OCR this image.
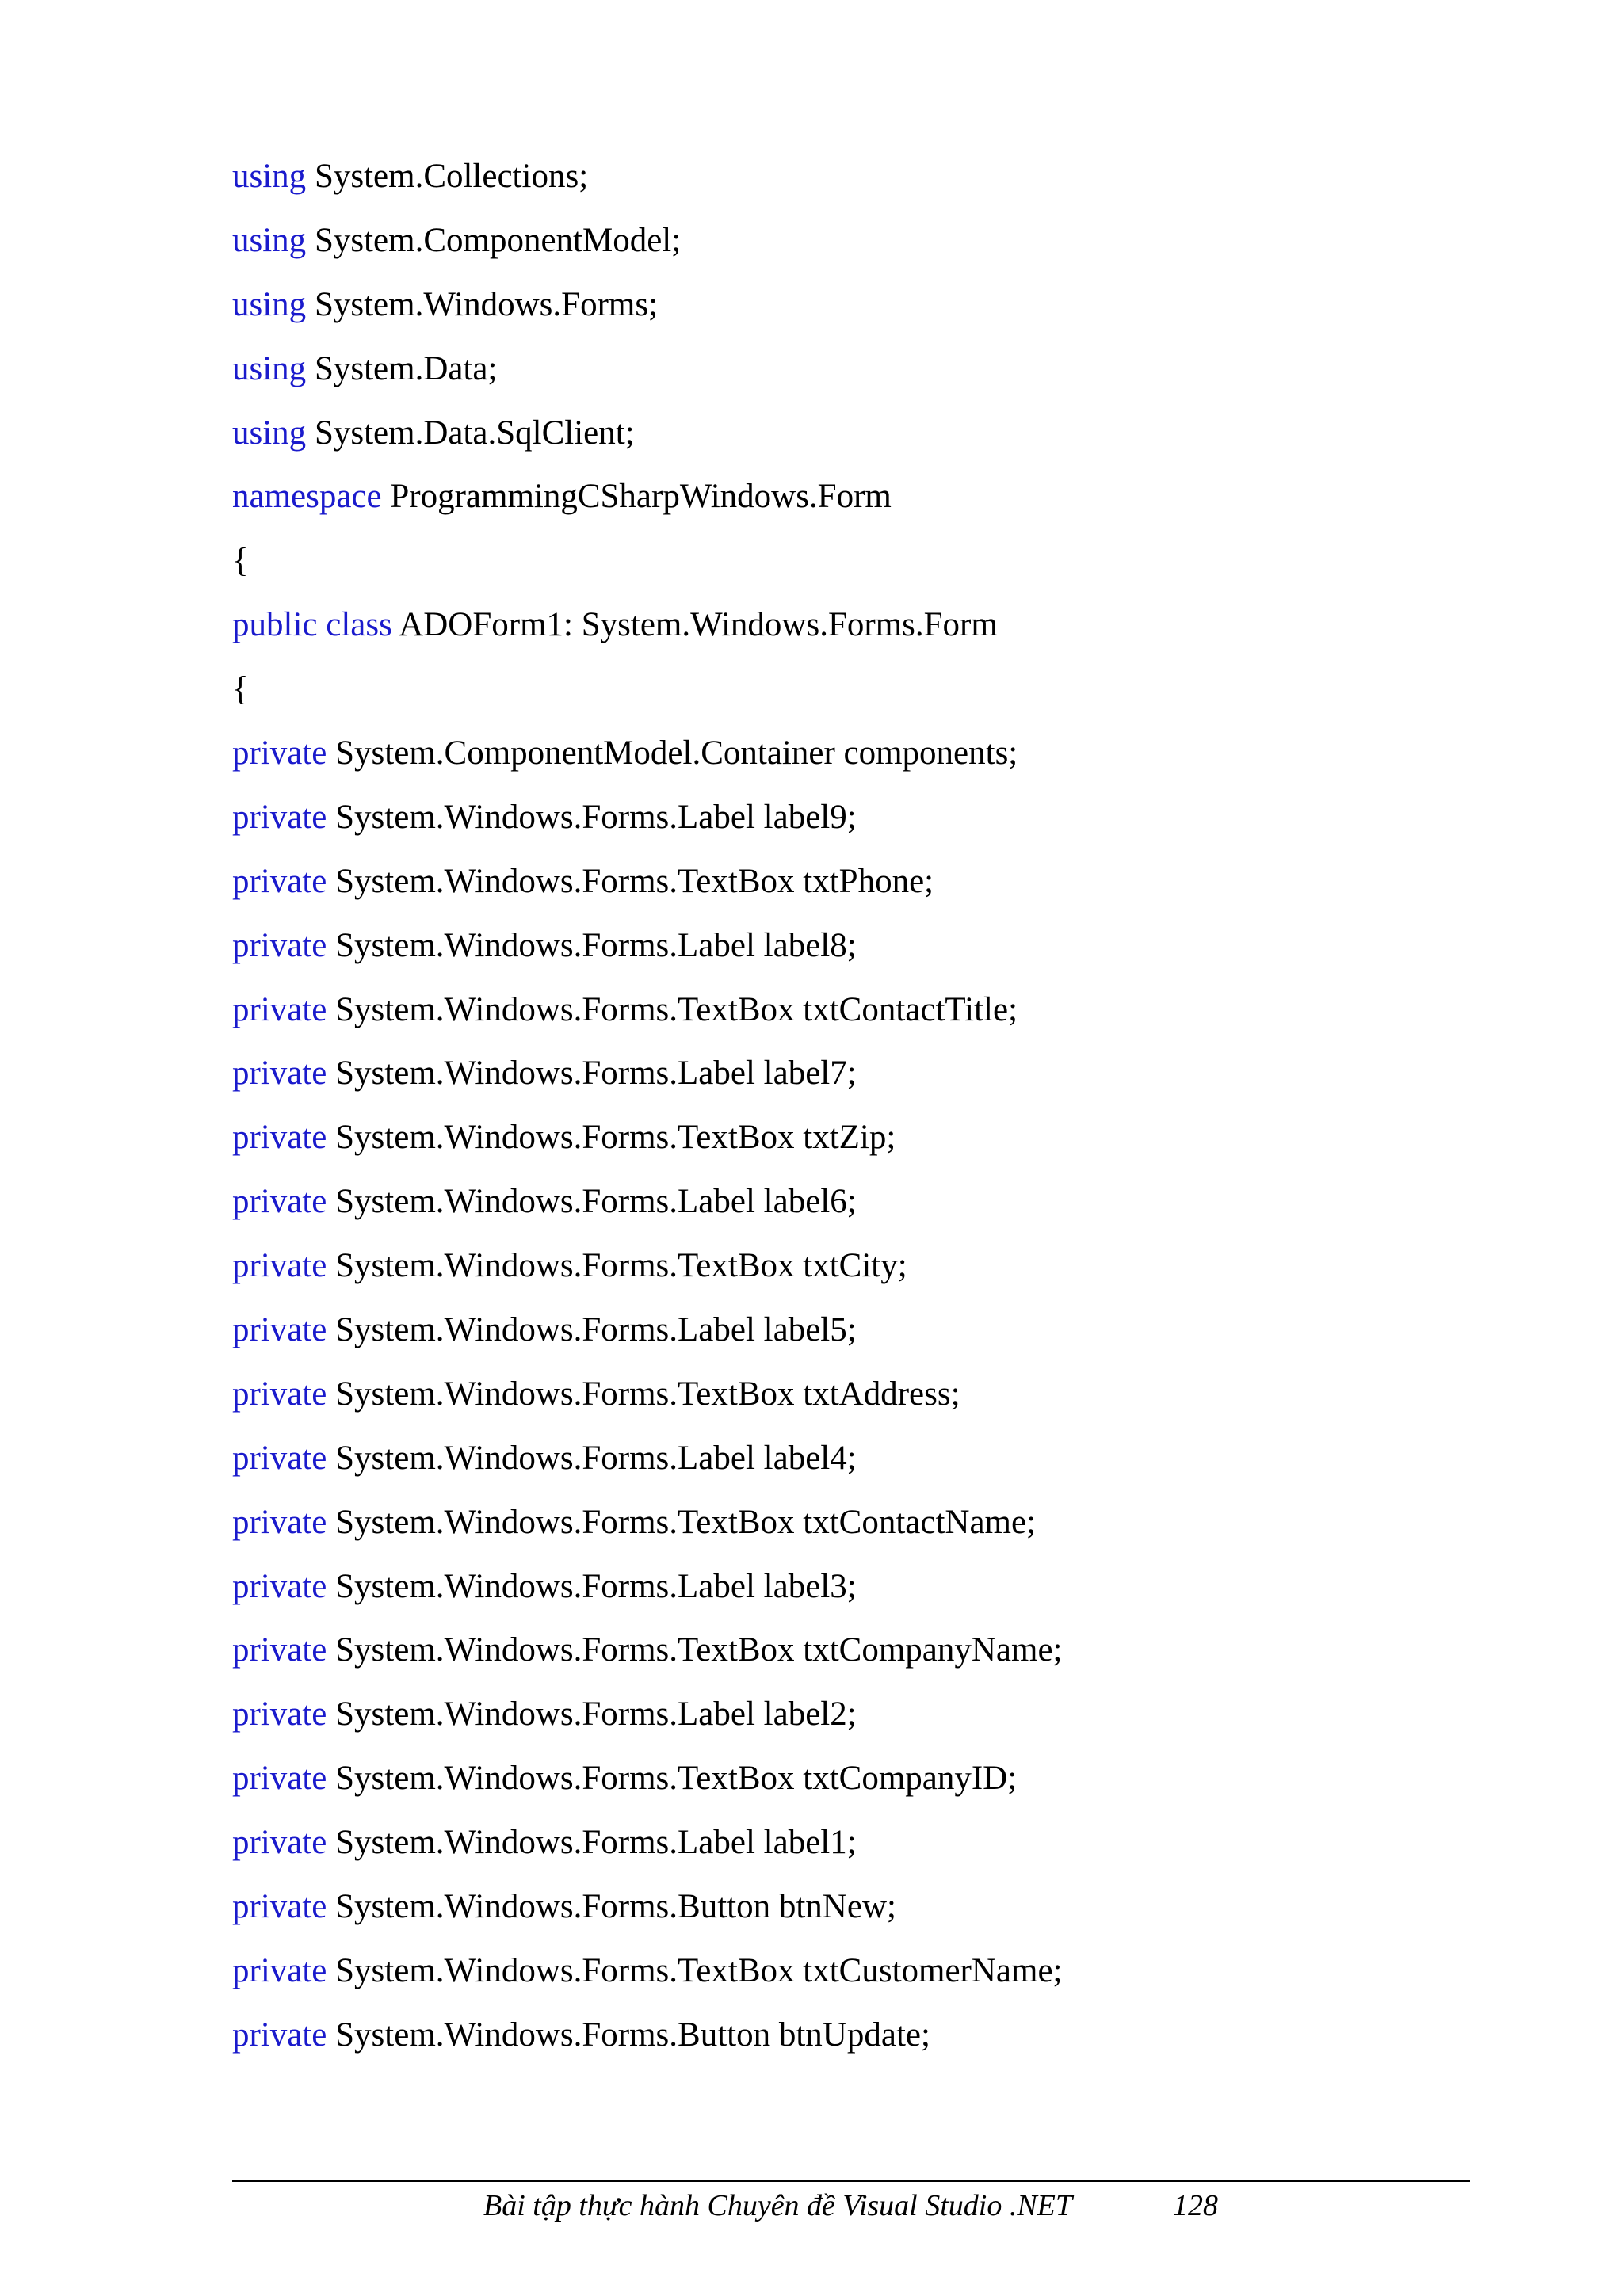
using System.Collections;
using System.ComponentModel;
using System.Windows.Forms;
using System.Data;
using System.Data.SqlClient;
namespace ProgrammingCSharpWindows.Form
{
public class ADOForm1: System.Windows.Forms.Form
{
private System.ComponentModel.Container components;
private System.Windows.Forms.Label label9;
private System.Windows.Forms.TextBox txtPhone;
private System.Windows.Forms.Label label8;
private System.Windows.Forms.TextBox txtContactTitle;
private System.Windows.Forms.Label label7;
private System.Windows.Forms.TextBox txtZip;
private System.Windows.Forms.Label label6;
private System.Windows.Forms.TextBox txtCity;
private System.Windows.Forms.Label label5;
private System.Windows.Forms.TextBox txtAddress;
private System.Windows.Forms.Label label4;
private System.Windows.Forms.TextBox txtContactName;
private System.Windows.Forms.Label label3;
private System.Windows.Forms.TextBox txtCompanyName;
private System.Windows.Forms.Label label2;
private System.Windows.Forms.TextBox txtCompanyID;
private System.Windows.Forms.Label label1;
private System.Windows.Forms.Button btnNew;
private System.Windows.Forms.TextBox txtCustomerName;
private System.Windows.Forms.Button btnUpdate;
Bài tập thực hành Chuyên đề Visual Studio .NET	128
